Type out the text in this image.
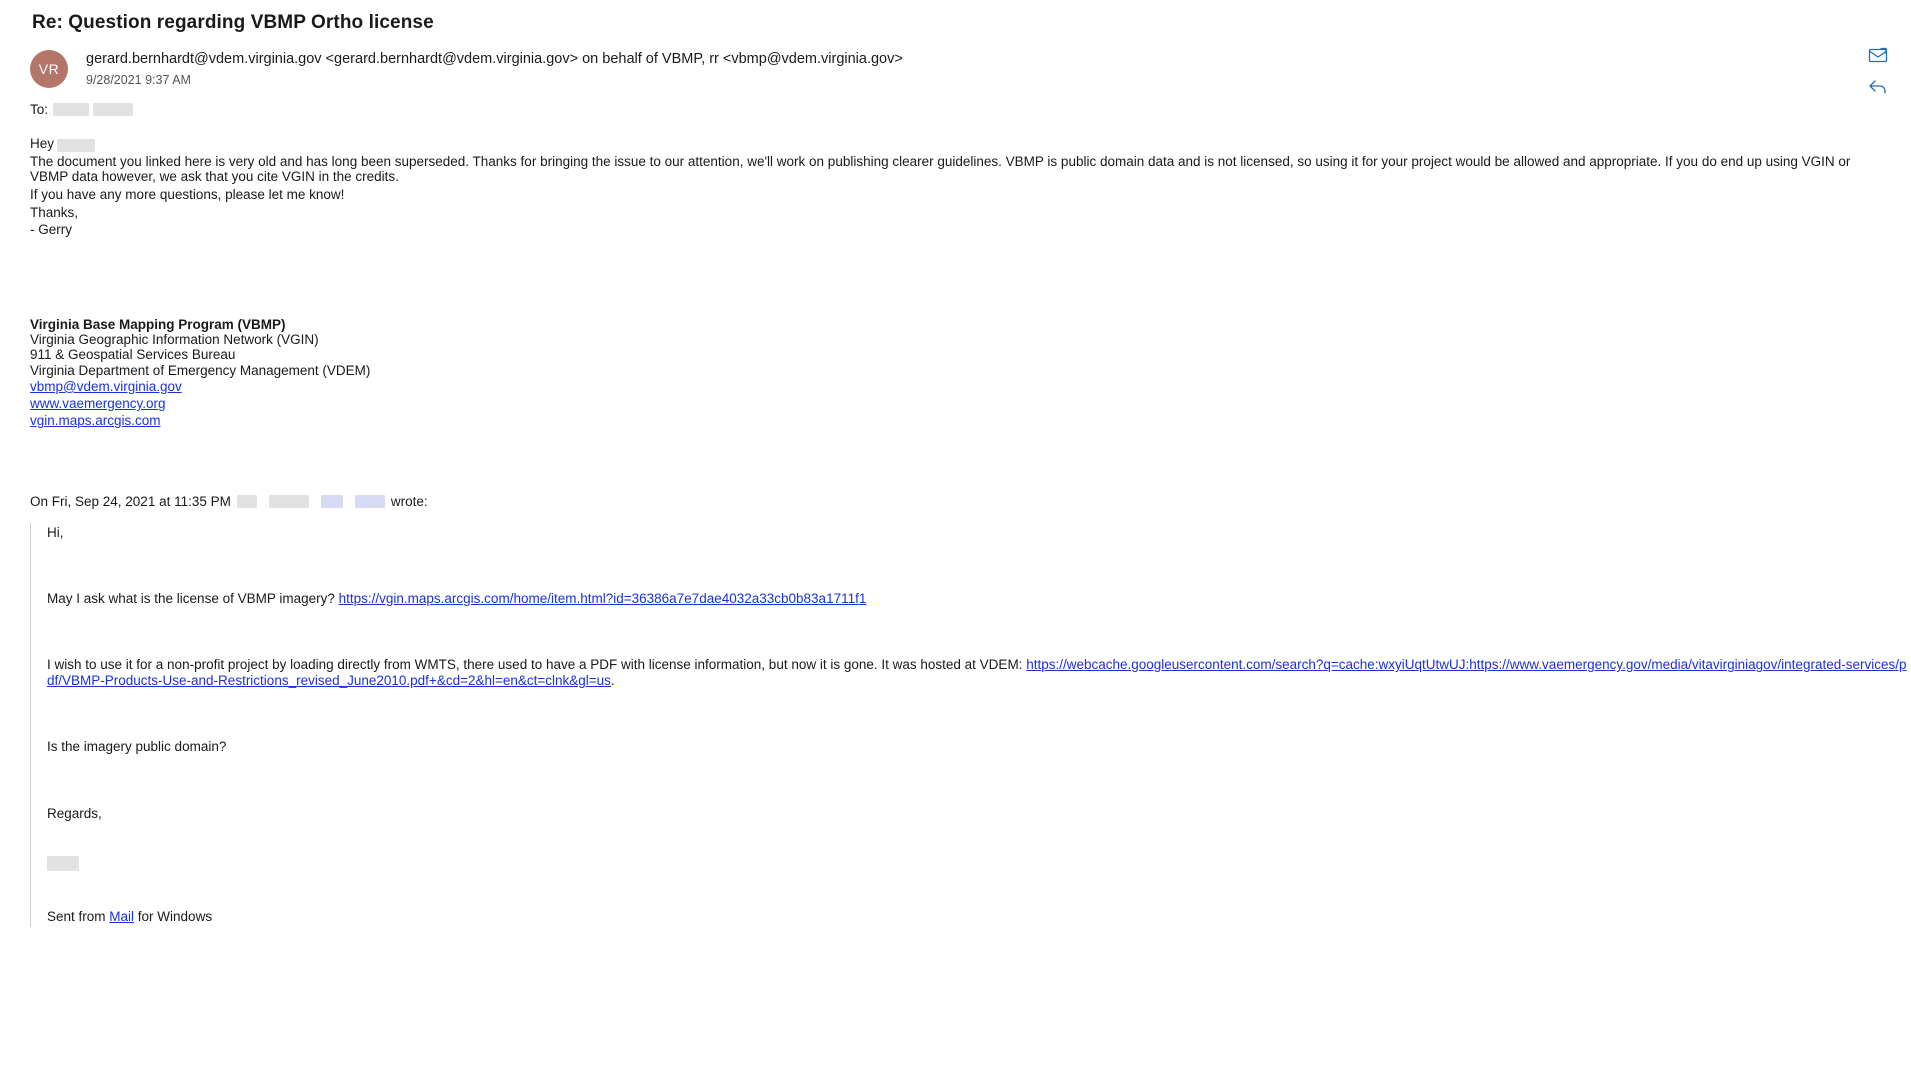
Re: Question regarding VBMP Ortho license
VR
gerard.bernhardt@vdem.virginia.gov <gerard.bernhardt@vdem.virginia.gov> on behalf of VBMP, rr <vbmp@vdem.virginia.gov>
9/28/2021 9:37 AM
To:
Hey
The document you linked here is very old and has long been superseded. Thanks for bringing the issue to our attention, we'll work on publishing clearer guidelines. VBMP is public domain data and is not licensed, so using it for your project would be allowed and appropriate. If you do end up using VGIN or VBMP data however, we ask that you cite VGIN in the credits.
If you have any more questions, please let me know!
Thanks,
- Gerry
Virginia Base Mapping Program (VBMP)
Virginia Geographic Information Network (VGIN)
911 & Geospatial Services Bureau
Virginia Department of Emergency Management (VDEM)
vbmp@vdem.virginia.gov
www.vaemergency.org
vgin.maps.arcgis.com
On Fri, Sep 24, 2021 at 11:35 PM	wrote:
Hi,
May I ask what is the license of VBMP imagery? https://vgin.maps.arcgis.com/home/item.html?id=36386a7e7dae4032a33cb0b83a1711f1
I wish to use it for a non-profit project by loading directly from WMTS, there used to have a PDF with license information, but now it is gone. It was hosted at VDEM: https://webcache.googleusercontent.com/search?q=cache:wxyiUqtUtwUJ:https://www.vaemergency.gov/media/vitavirginiagov/integrated-services/pdf/VBMP-Products-Use-and-Restrictions_revised_June2010.pdf+&cd=2&hl=en&ct=clnk&gl=us.
Is the imagery public domain?
Regards,
Sent from Mail for Windows
